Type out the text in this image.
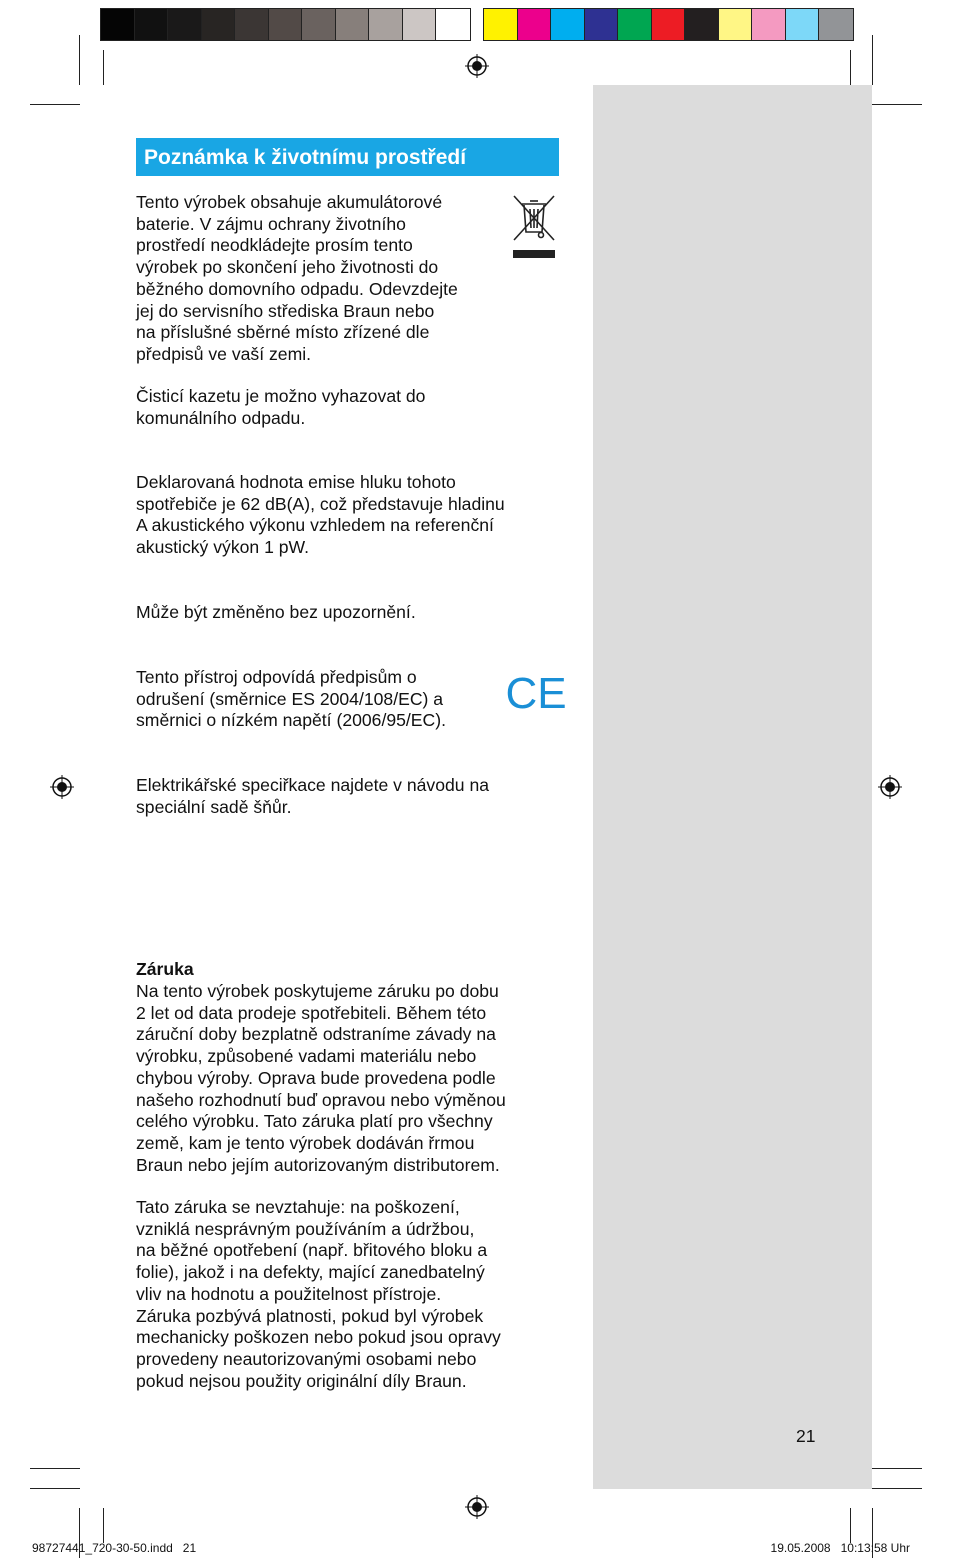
Poznámka k životnímu prostředí
CE

Tento výrobek obsahuje akumulátorové
baterie. V zájmu ochrany životního
prostředí neodkládejte prosím tento
výrobek po skončení jeho životnosti do
běžného domovního odpadu. Odevzdejte
jej do servisního střediska Braun nebo
na příslušné sběrné místo zřízené dle
předpisů ve vaší zemi.

Čisticí kazetu je možno vyhazovat do
komunálního odpadu.

Deklarovaná hodnota emise hluku tohoto
spotřebiče je 62 dB(A), což představuje hladinu
A akustického výkonu vzhledem na referenční
akustický výkon 1 pW.

Může být změněno bez upozornění.

Tento přístroj odpovídá předpisům o
odrušení (směrnice ES 2004/108/EC) a
směrnici o nízkém napětí (2006/95/EC).

Elektrikářské speciřkace najdete v návodu na
speciální sadě šňůr.

Záruka

Na tento výrobek poskytujeme záruku po dobu
2 let od data prodeje spotřebiteli. Během této
záruční doby bezplatně odstraníme závady na
výrobku, způsobené vadami materiálu nebo
chybou výroby. Oprava bude provedena podle
našeho rozhodnutí buď opravou nebo výměnou
celého výrobku. Tato záruka platí pro všechny
země, kam je tento výrobek dodáván řrmou
Braun nebo jejím autorizovaným distributorem.

Tato záruka se nevztahuje: na poškození,
vzniklá nesprávným používáním a údržbou,
na běžné opotřebení (např. břitového bloku a
folie), jakož i na defekty, mající zanedbatelný
vliv na hodnotu a použitelnost přístroje.
Záruka pozbývá platnosti, pokud byl výrobek
mechanicky poškozen nebo pokud jsou opravy
provedeny neautorizovanými osobami nebo
pokud nejsou použity originální díly Braun.

21
98727441_720-30-50.indd   21	19.05.2008   10:13:58 Uhr
